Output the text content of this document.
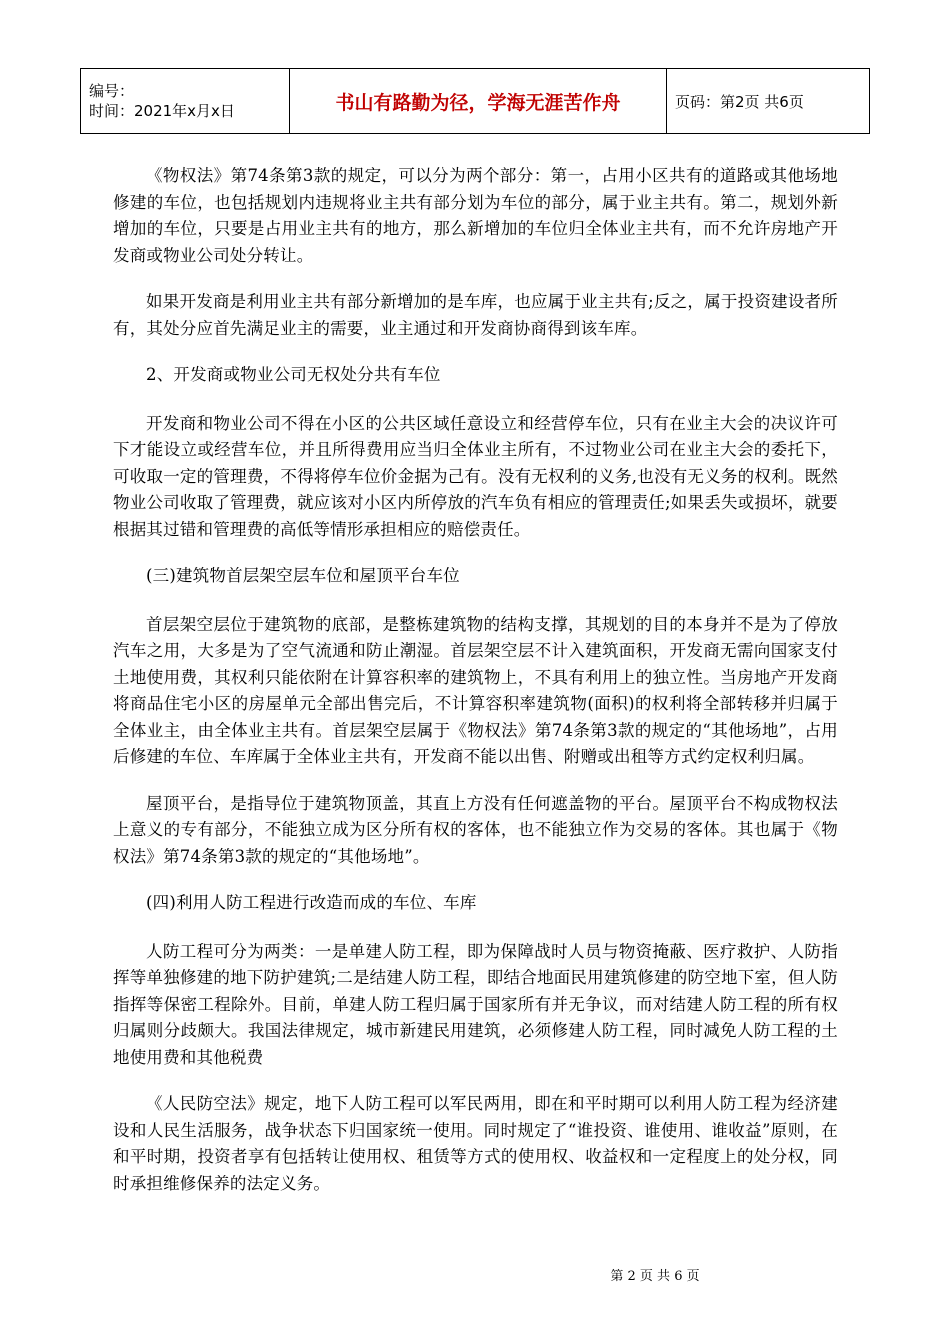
编号：
时间：2021年x月x日	书山有路勤为径，学海无涯苦作舟	页码：第2页 共6页

《物权法》第74条第3款的规定，可以分为两个部分：第一，占用小区共有的道路或其他场地修建的车位，也包括规划内违规将业主共有部分划为车位的部分，属于业主共有。第二，规划外新增加的车位，只要是占用业主共有的地方，那么新增加的车位归全体业主共有，而不允许房地产开发商或物业公司处分转让。

如果开发商是利用业主共有部分新增加的是车库，也应属于业主共有;反之，属于投资建设者所有，其处分应首先满足业主的需要，业主通过和开发商协商得到该车库。

2、开发商或物业公司无权处分共有车位

开发商和物业公司不得在小区的公共区域任意设立和经营停车位，只有在业主大会的决议许可下才能设立或经营车位，并且所得费用应当归全体业主所有，不过物业公司在业主大会的委托下，可收取一定的管理费，不得将停车位价金据为己有。没有无权利的义务,也没有无义务的权利。既然物业公司收取了管理费，就应该对小区内所停放的汽车负有相应的管理责任;如果丢失或损坏，就要根据其过错和管理费的高低等情形承担相应的赔偿责任。

(三)建筑物首层架空层车位和屋顶平台车位

首层架空层位于建筑物的底部，是整栋建筑物的结构支撑，其规划的目的本身并不是为了停放汽车之用，大多是为了空气流通和防止潮湿。首层架空层不计入建筑面积，开发商无需向国家支付土地使用费，其权利只能依附在计算容积率的建筑物上，不具有利用上的独立性。当房地产开发商将商品住宅小区的房屋单元全部出售完后，不计算容积率建筑物(面积)的权利将全部转移并归属于全体业主，由全体业主共有。首层架空层属于《物权法》第74条第3款的规定的“其他场地”，占用后修建的车位、车库属于全体业主共有，开发商不能以出售、附赠或出租等方式约定权利归属。

屋顶平台，是指导位于建筑物顶盖，其直上方没有任何遮盖物的平台。屋顶平台不构成物权法上意义的专有部分，不能独立成为区分所有权的客体，也不能独立作为交易的客体。其也属于《物权法》第74条第3款的规定的“其他场地”。

(四)利用人防工程进行改造而成的车位、车库

人防工程可分为两类：一是单建人防工程，即为保障战时人员与物资掩蔽、医疗救护、人防指挥等单独修建的地下防护建筑;二是结建人防工程，即结合地面民用建筑修建的防空地下室，但人防指挥等保密工程除外。目前，单建人防工程归属于国家所有并无争议，而对结建人防工程的所有权归属则分歧颇大。我国法律规定，城市新建民用建筑，必须修建人防工程，同时减免人防工程的土地使用费和其他税费

《人民防空法》规定，地下人防工程可以军民两用，即在和平时期可以利用人防工程为经济建设和人民生活服务，战争状态下归国家统一使用。同时规定了“谁投资、谁使用、谁收益”原则，在和平时期，投资者享有包括转让使用权、租赁等方式的使用权、收益权和一定程度上的处分权，同时承担维修保养的法定义务。

第 2 页 共 6 页
